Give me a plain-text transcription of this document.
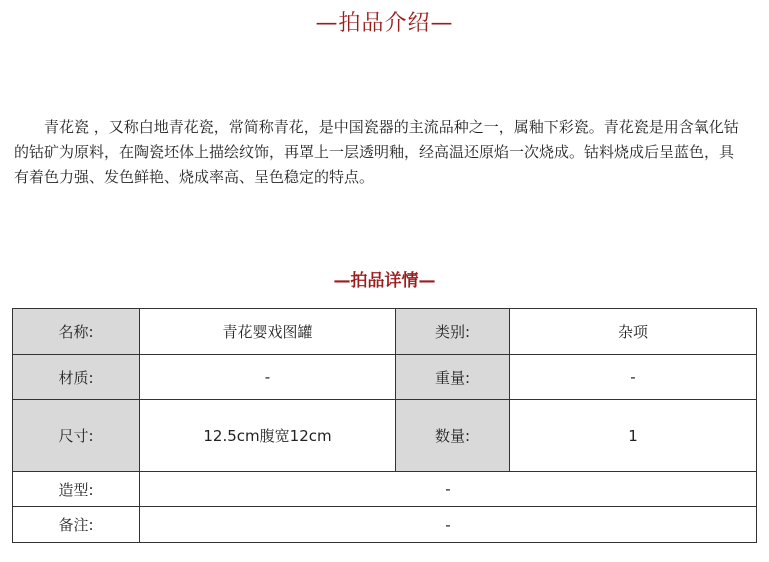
—拍品介绍—
青花瓷 ，又称白地青花瓷，常简称青花，是中国瓷器的主流品种之一，属釉下彩瓷。青花瓷是用含氧化钴的钴矿为原料，在陶瓷坯体上描绘纹饰，再罩上一层透明釉，经高温还原焰一次烧成。钴料烧成后呈蓝色，具有着色力强、发色鲜艳、烧成率高、呈色稳定的特点。
—拍品详情—
名称:	青花婴戏图罐	类别:	杂项
材质:	-	重量:	-
尺寸:	12.5cm腹宽12cm	数量:	1
造型:	-		
备注:	-		
